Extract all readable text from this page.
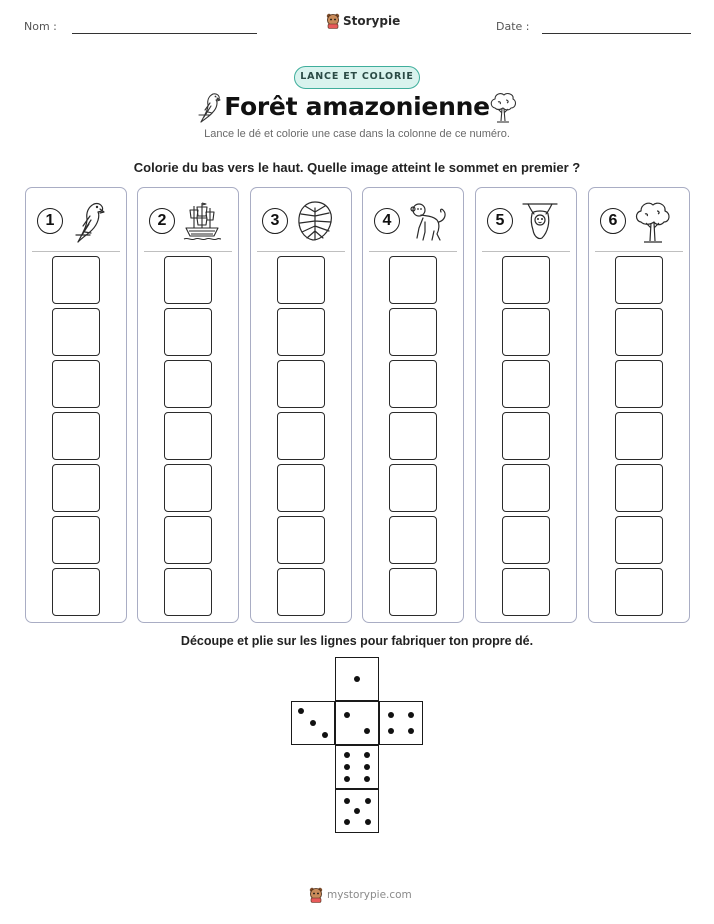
Nom :	Storypie	Date :
LANCE ET COLORIE
Forêt amazonienne
Lance le dé et colorie une case dans la colonne de ce numéro.
Colorie du bas vers le haut. Quelle image atteint le sommet en premier ?
1	2	3	4	5	6
Découpe et plie sur les lignes pour fabriquer ton propre dé.
mystorypie.com
